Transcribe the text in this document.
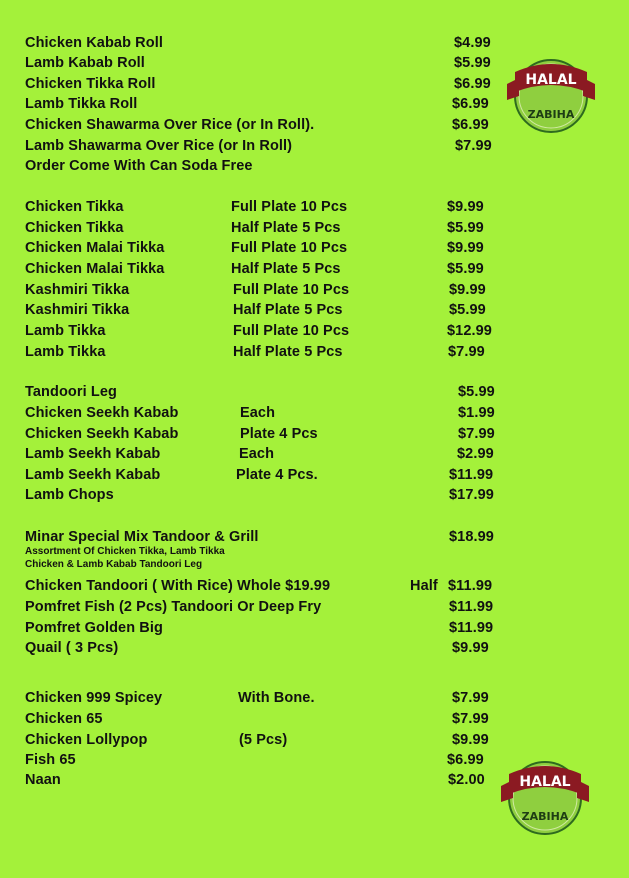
Chicken Kabab Roll	$4.99
Lamb Kabab Roll	$5.99
Chicken Tikka Roll	$6.99
Lamb Tikka Roll	$6.99
Chicken Shawarma Over Rice (or In Roll).	$6.99
Lamb Shawarma Over Rice (or In Roll)	$7.99
Order Come With Can Soda Free
Chicken Tikka	Full Plate 10 Pcs	$9.99
Chicken Tikka	Half Plate 5 Pcs	$5.99
Chicken Malai Tikka	Full Plate 10 Pcs	$9.99
Chicken Malai Tikka	Half Plate 5 Pcs	$5.99
Kashmiri Tikka	Full Plate 10 Pcs	$9.99
Kashmiri Tikka	Half Plate 5 Pcs	$5.99
Lamb Tikka	Full Plate 10 Pcs	$12.99
Lamb Tikka	Half Plate 5 Pcs	$7.99
Tandoori Leg	$5.99
Chicken Seekh Kabab	Each	$1.99
Chicken Seekh Kabab	Plate 4 Pcs	$7.99
Lamb Seekh Kabab	Each	$2.99
Lamb Seekh Kabab	Plate 4 Pcs.	$11.99
Lamb Chops	$17.99
Minar Special Mix Tandoor & Grill	$18.99
Assortment Of Chicken Tikka, Lamb Tikka
Chicken & Lamb Kabab Tandoori Leg
Chicken Tandoori ( With Rice) Whole $19.99	Half $11.99
Pomfret Fish (2 Pcs) Tandoori Or Deep Fry	$11.99
Pomfret Golden Big	$11.99
Quail ( 3 Pcs)	$9.99
Chicken 999 Spicey	With Bone.	$7.99
Chicken 65	$7.99
Chicken Lollypop	(5 Pcs)	$9.99
Fish 65	$6.99
Naan	$2.00
HALAL
ZABIHA
HALAL
ZABIHA
